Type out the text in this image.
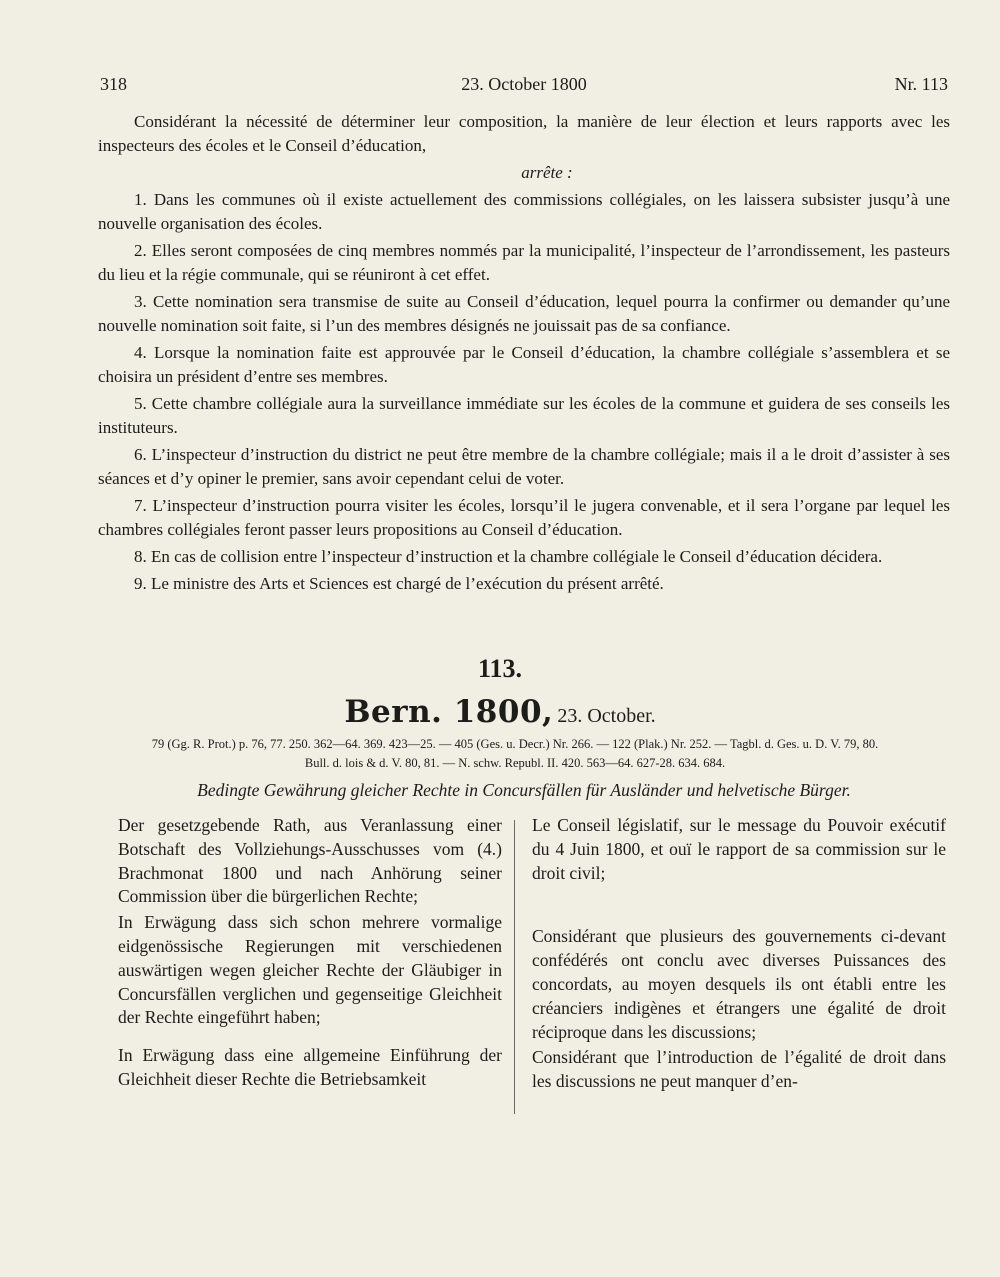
318	23. October 1800	Nr. 113

Considérant la nécessité de déterminer leur composition, la manière de leur élection et leurs rapports avec les inspecteurs des écoles et le Conseil d’éducation,

arrête :

1. Dans les communes où il existe actuellement des commissions collégiales, on les laissera subsister jusqu’à une nouvelle organisation des écoles.

2. Elles seront composées de cinq membres nommés par la municipalité, l’inspecteur de l’arrondissement, les pasteurs du lieu et la régie communale, qui se réuniront à cet effet.

3. Cette nomination sera transmise de suite au Conseil d’éducation, lequel pourra la confirmer ou demander qu’une nouvelle nomination soit faite, si l’un des membres désignés ne jouissait pas de sa confiance.

4. Lorsque la nomination faite est approuvée par le Conseil d’éducation, la chambre collégiale s’assemblera et se choisira un président d’entre ses membres.

5. Cette chambre collégiale aura la surveillance immédiate sur les écoles de la commune et guidera de ses conseils les instituteurs.

6. L’inspecteur d’instruction du district ne peut être membre de la chambre collégiale; mais il a le droit d’assister à ses séances et d’y opiner le premier, sans avoir cependant celui de voter.

7. L’inspecteur d’instruction pourra visiter les écoles, lorsqu’il le jugera convenable, et il sera l’organe par lequel les chambres collégiales feront passer leurs propositions au Conseil d’éducation.

8. En cas de collision entre l’inspecteur d’instruction et la chambre collégiale le Conseil d’éducation décidera.

9. Le ministre des Arts et Sciences est chargé de l’exécution du présent arrêté.

113.
Bern. 1800, 23. October.
79 (Gg. R. Prot.) p. 76, 77. 250. 362—64. 369. 423—25. — 405 (Ges. u. Decr.) Nr. 266. — 122 (Plak.) Nr. 252. — Tagbl. d. Ges. u. D. V. 79, 80.
Bull. d. lois & d. V. 80, 81. — N. schw. Republ. II. 420. 563—64. 627-28. 634. 684.
Bedingte Gewährung gleicher Rechte in Concursfällen für Ausländer und helvetische Bürger.

Der gesetzgebende Rath, aus Veranlassung einer Botschaft des Vollziehungs-Ausschusses vom (4.) Brachmonat 1800 und nach Anhörung seiner Commission über die bürgerlichen Rechte;

In Erwägung dass sich schon mehrere vormalige eidgenössische Regierungen mit verschiedenen auswärtigen wegen gleicher Rechte der Gläubiger in Concursfällen verglichen und gegenseitige Gleichheit der Rechte eingeführt haben;

In Erwägung dass eine allgemeine Einführung der Gleichheit dieser Rechte die Betriebsamkeit

Le Conseil législatif, sur le message du Pouvoir exécutif du 4 Juin 1800, et ouï le rapport de sa commission sur le droit civil;

Considérant que plusieurs des gouvernements ci-devant confédérés ont conclu avec diverses Puissances des concordats, au moyen desquels ils ont établi entre les créanciers indigènes et étrangers une égalité de droit réciproque dans les discussions;

Considérant que l’introduction de l’égalité de droit dans les discussions ne peut manquer d’en-
